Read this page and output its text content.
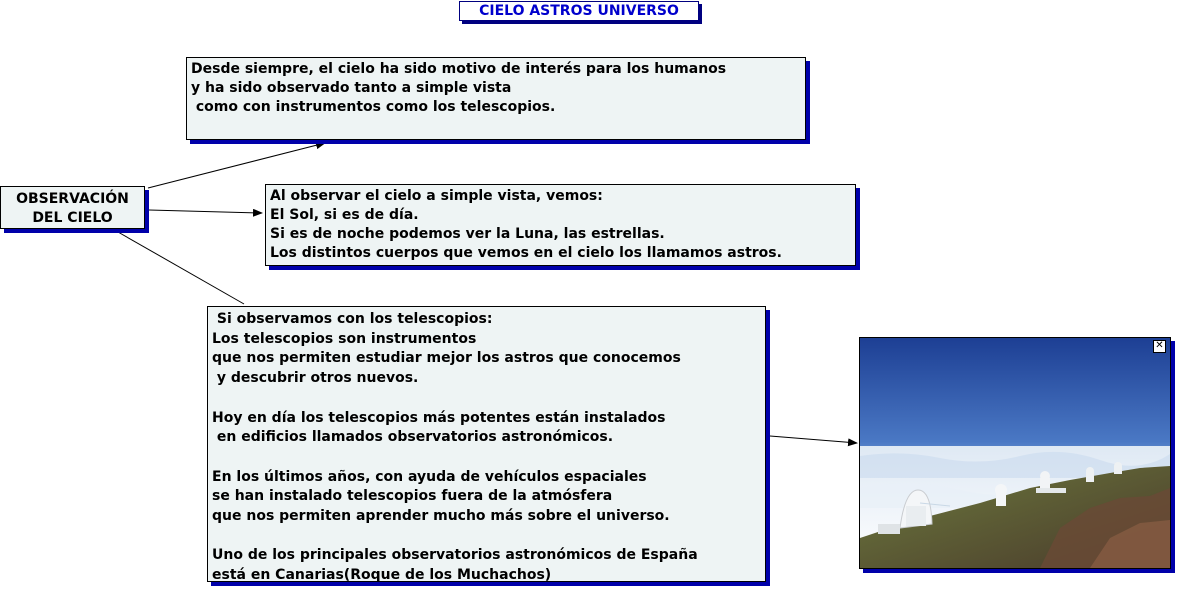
CIELO ASTROS UNIVERSO
OBSERVACIÓN
DEL CIELO
Desde siempre, el cielo ha sido motivo de interés para los humanos
y ha sido observado tanto a simple vista
como con instrumentos como los telescopios.
Al observar el cielo a simple vista, vemos:
El Sol, si es de día.
Si es de noche podemos ver la Luna, las estrellas.
Los distintos cuerpos que vemos en el cielo los llamamos astros.
Si observamos con los telescopios:
Los telescopios son instrumentos
que nos permiten estudiar mejor los astros que conocemos
y descubrir otros nuevos.

Hoy en día los telescopios más potentes están instalados
en edificios llamados observatorios astronómicos.

En los últimos años, con ayuda de vehículos espaciales
se han instalado telescopios fuera de la atmósfera
que nos permiten aprender mucho más sobre el universo.

Uno de los principales observatorios astronómicos de España
está en Canarias(Roque de los Muchachos)
✕
